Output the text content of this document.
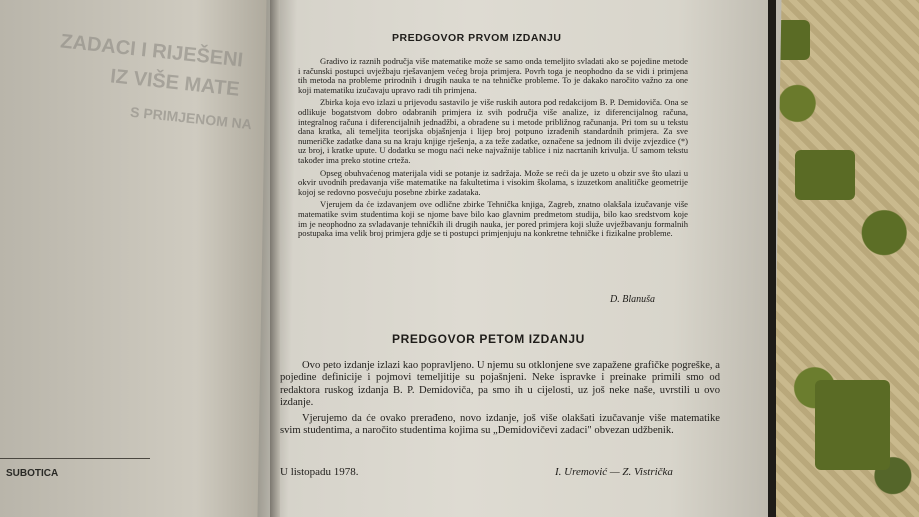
ZADACI I RIJEŠENI
IZ VIŠE MATE
S PRIMJENOM NA
SUBOTICA
PREDGOVOR PRVOM IZDANJU

Gradivo iz raznih područja više matematike može se samo onda temeljito svladati ako se pojedine metode i računski postupci uvježbaju rješavanjem većeg broja primjera. Povrh toga je neophodno da se vidi i primjena tih metoda na probleme prirodnih i drugih nauka te na tehničke probleme. To je dakako naročito važno za one koji matematiku izučavaju upravo radi tih primjena.

Zbirka koja evo izlazi u prijevodu sastavilo je više ruskih autora pod redakcijom B. P. Demidoviča. Ona se odlikuje bogatstvom dobro odabranih primjera iz svih područja više analize, iz diferencijalnog računa, integralnog računa i diferencijalnih jednadžbi, a obrađene su i metode približnog računanja. Pri tom su u tekstu dana kratka, ali temeljita teorijska objašnjenja i lijep broj potpuno izrađenih standardnih primjera. Za sve numeričke zadatke dana su na kraju knjige rješenja, a za teže zadatke, označene sa jednom ili dvije zvjezdice (*) uz broj, i kratke upute. U dodatku se mogu naći neke najvažnije tablice i niz nacrtanih krivulja. U samom tekstu također ima preko stotine crteža.

Opseg obuhvaćenog materijala vidi se potanje iz sadržaja. Može se reći da je uzeto u obzir sve što ulazi u okvir uvodnih predavanja više matematike na fakultetima i visokim školama, s izuzetkom analitičke geometrije kojoj se redovno posvećuju posebne zbirke zadataka.

Vjerujem da će izdavanjem ove odlične zbirke Tehnička knjiga, Zagreb, znatno olakšala izučavanje više matematike svim studentima koji se njome bave bilo kao glavnim predmetom studija, bilo kao sredstvom koje im je neophodno za svladavanje tehničkih ili drugih nauka, jer pored primjera koji služe uvježbavanju formalnih postupaka ima velik broj primjera gdje se ti postupci primjenjuju na konkretne tehničke i fizikalne probleme.

D. Blanuša
PREDGOVOR PETOM IZDANJU

Ovo peto izdanje izlazi kao popravljeno. U njemu su otklonjene sve zapažene grafičke pogreške, a pojedine definicije i pojmovi temeljitije su pojašnjeni. Neke ispravke i preinake primili smo od redaktora ruskog izdanja B. P. Demidoviča, pa smo ih u cijelosti, uz još neke naše, uvrstili u ovo izdanje.

Vjerujemo da će ovako prerađeno, novo izdanje, još više olakšati izučavanje više matematike svim studentima, a naročito studentima kojima su „Demidovičevi zadaci" obvezan udžbenik.

U listopadu 1978.	I. Uremović — Z. Vistrička
